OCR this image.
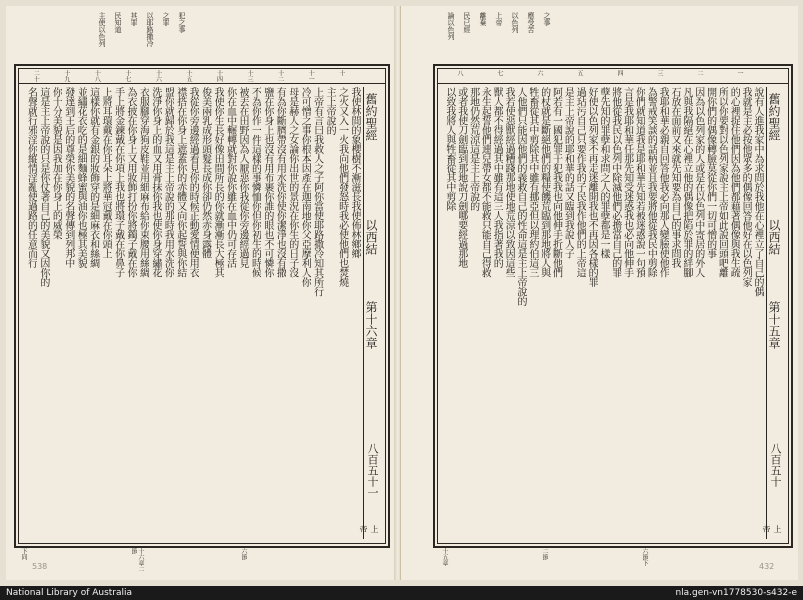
主使以色列 民知道 其罪 以耶路撒冷 之罪 犯之事
十
十一
十二
十三
十四
十五
十六
十七
十八
十九
二十
我使林間的象櫻樹不漸滋長我使佈林鄉鄉
之火又入一火我向他們發怒時我必使他們也焚燒
主上帝說的
上帝有言曰我救人之子阿你當使耶路撒冷知其所行
冷可憎之事你根本因產在迦南地你父亞摩利人你
母是赫人之女論你出世的景況在你生的日子沒
有為你斷臍帶沒有用水洗你使你潔淨也沒有撒
鹽在你身上也沒有用布裹你誰的眼也不可憐你
不為你作一件這樣的事憐恤你但你初生的時候
被丟在田野因為人厭惡你我從你旁邊經過見
你在血中輾轉就對你說你雖在血中仍可存活
我使你生長好像田間所長的你就漸漸長大極其
俊美兩乳成形頭髮長成你卻仍然赤身露體
我從你旁邊經過看見你的時候正動愛情便用衣
襟搭在你身上遮蓋你的赤體又向你起誓與你結
盟你就歸於我這是主上帝說的那時我用水洗你
洗淨你身上的血又用膏抹你我也使你身穿繡花
衣服腳穿海狗皮鞋並用細麻布給你束腰用絲綢
為衣披在你身上又用妝飾打扮你將鐲子戴在你
手上將金鍊戴在你項上我也將環子戴在你鼻子
上將耳環戴在你耳朵上將華冠戴在你頭上
這樣你就有金銀的妝飾穿的是細麻衣和絲綢
並繡花衣吃的是細麵蜂蜜與油你也極其美貌
發達到王后的尊榮你美貌的名聲傳到列邦中
你十分美貌是因我加在你身上的威榮
這是主上帝說的只是你仗著自己的美貌又因你的
名聲就行邪淫你縱情淫亂使過路的任意而行	舊約聖經
以西結
第十六章
八百五十一
上帝
下同	十六章二節	六節
538
論以色列 民已經 離棄 上帝 以色列 應受苦 之事
一
二
三
四
五
六
七
八
說有人進我家中為求問於我他在心裡立了自己的偶
我就是主必按他眾多的偶像回答他好在以色列家
的心裡捉住他們因為他們都藉著偶像與我生疏
所以你要對以色列家說主上帝如此說回頭吧離
開你們的偶像轉臉莫從你們一切可憎的事
因為以色列家的人或是在以色列中寄居的外人
凡與我隔絕在心裡立他的偶像把陷於罪的絆腳
石放在面前又來就先知要為自己的事求問我
我耶和華必親自回答他我必向那人變臉使他作
為警戒笑談的話柄並且我要將他從我民中剪除
你們就知道我是耶和華先知若被迷惑說一句預
言是我耶和華任那先知受迷惑我也必向他伸手
將他從我民以色列中除滅他們必擔當自己的罪
孽先知的罪孽和求問之人的罪孽都是一樣
好使以色列家不再走迷離開我也不再因各樣的罪
過玷污自己只要作我的子民我作他們的上帝這
是主上帝說的耶和華的話又臨到我說人子
阿若有一國犯罪干犯我我也向他伸手折斷他們
的杖就是斷絕他們的糧使饑荒臨到那地將人與
牲畜從其中剪除其中雖有挪亞但以理約伯這三
人他們只能因他們的義救自己的性命這是主上帝說的
我若使惡獸經過糟踐那地使地荒涼以致因這些
獸人都不得經過其中雖有這三人我指著我的
永生起誓他們連兒帶女都不能救只能自己得救
那地仍然荒涼這是主上帝說的
或者我使刀劍臨到那地說刀劍哪要經過那地
以致我將人與牲畜從其中剪除	舊約聖經
以西結
第十五章
八百五十
上帝
十五章	二節	六節下
432
National Library of Australia	nla.gen-vn1778530-s432-e
